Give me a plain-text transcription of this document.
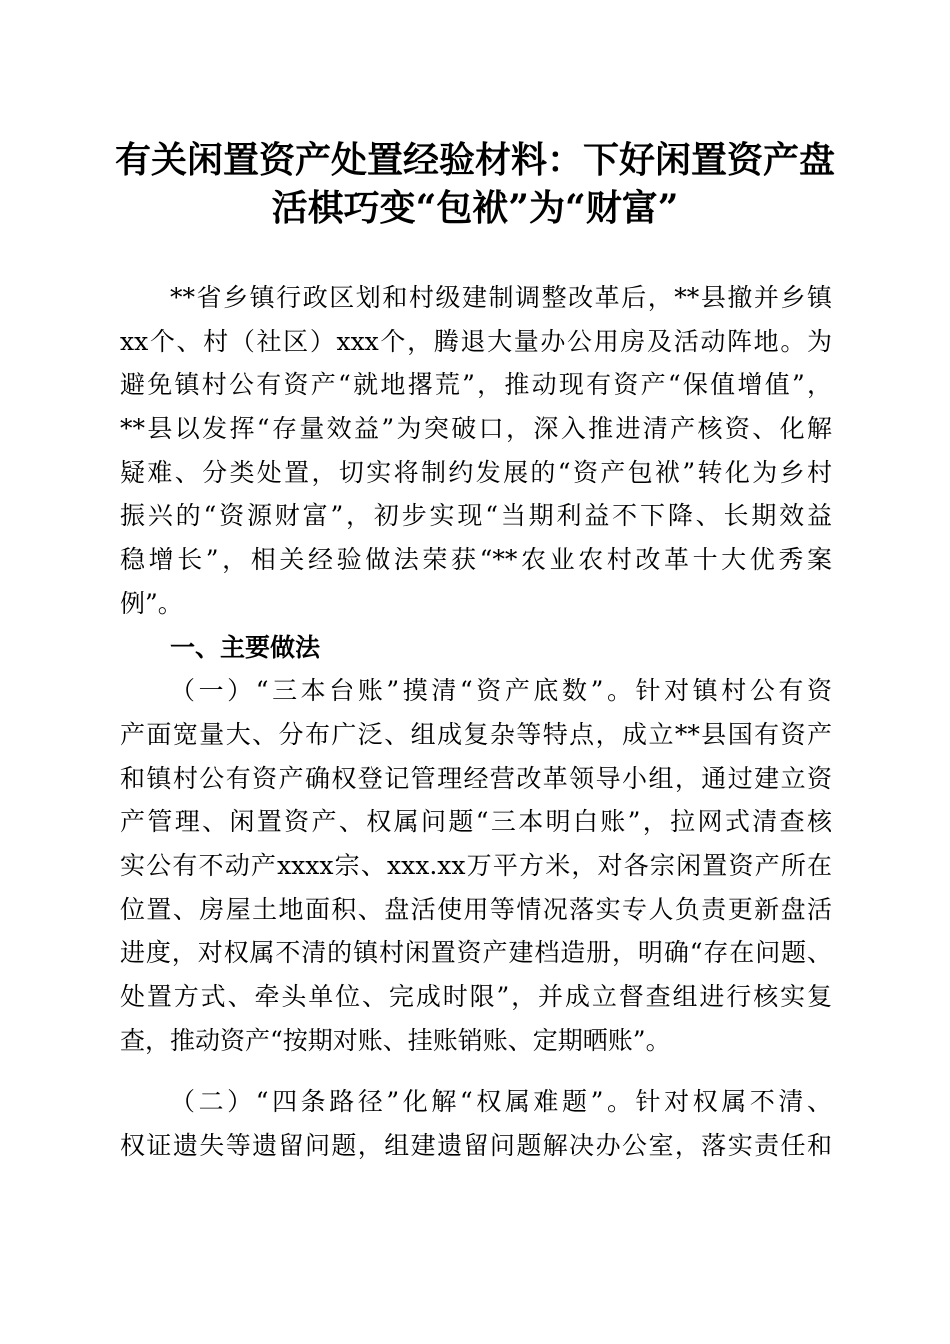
有关闲置资产处置经验材料：下好闲置资产盘
活棋巧变“包袱”为“财富”
**省乡镇行政区划和村级建制调整改革后，**县撤并乡镇
xx个、村（社区）xxx个，腾退大量办公用房及活动阵地。为
避免镇村公有资产“就地撂荒”，推动现有资产“保值增值”，
**县以发挥“存量效益”为突破口，深入推进清产核资、化解
疑难、分类处置，切实将制约发展的“资产包袱”转化为乡村
振兴的“资源财富”，初步实现“当期利益不下降、长期效益
稳增长”，相关经验做法荣获“**农业农村改革十大优秀案
例”。
一、主要做法
（一）“三本台账”摸清“资产底数”。针对镇村公有资
产面宽量大、分布广泛、组成复杂等特点，成立**县国有资产
和镇村公有资产确权登记管理经营改革领导小组，通过建立资
产管理、闲置资产、权属问题“三本明白账”，拉网式清查核
实公有不动产xxxx宗、xxx.xx万平方米，对各宗闲置资产所在
位置、房屋土地面积、盘活使用等情况落实专人负责更新盘活
进度，对权属不清的镇村闲置资产建档造册，明确“存在问题、
处置方式、牵头单位、完成时限”，并成立督查组进行核实复
查，推动资产“按期对账、挂账销账、定期晒账”。
（二）“四条路径”化解“权属难题”。针对权属不清、
权证遗失等遗留问题，组建遗留问题解决办公室，落实责任和
